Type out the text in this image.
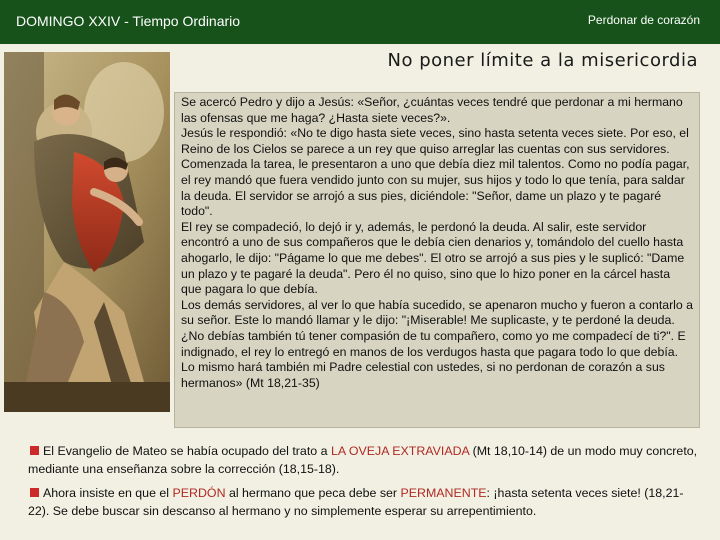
DOMINGO XXIV - Tiempo Ordinario	Perdonar de corazón
No poner límite a la misericordia

Se acercó Pedro y dijo a Jesús: «Señor, ¿cuántas veces tendré que perdonar a mi hermano las ofensas que me haga? ¿Hasta siete veces?».

Jesús le respondió: «No te digo hasta siete veces, sino hasta setenta veces siete. Por eso, el Reino de los Cielos se parece a un rey que quiso arreglar las cuentas con sus servidores. Comenzada la tarea, le presentaron a uno que debía diez mil talentos. Como no podía pagar, el rey mandó que fuera vendido junto con su mujer, sus hijos y todo lo que tenía, para saldar la deuda. El servidor se arrojó a sus pies, diciéndole: "Señor, dame un plazo y te pagaré todo".

El rey se compadeció, lo dejó ir y, además, le perdonó la deuda. Al salir, este servidor encontró a uno de sus compañeros que le debía cien denarios y, tomándolo del cuello hasta ahogarlo, le dijo: "Págame lo que me debes". El otro se arrojó a sus pies y le suplicó: "Dame un plazo y te pagaré la deuda". Pero él no quiso, sino que lo hizo poner en la cárcel hasta que pagara lo que debía.

Los demás servidores, al ver lo que había sucedido, se apenaron mucho y fueron a contarlo a su señor. Este lo mandó llamar y le dijo: "¡Miserable! Me suplicaste, y te perdoné la deuda. ¿No debías también tú tener compasión de tu compañero, como yo me compadecí de ti?". E indignado, el rey lo entregó en manos de los verdugos hasta que pagara todo lo que debía.

Lo mismo hará también mi Padre celestial con ustedes, si no perdonan de corazón a sus hermanos» (Mt 18,21-35)

El Evangelio de Mateo se había ocupado del trato a LA OVEJA EXTRAVIADA (Mt 18,10-14) de un modo muy concreto, mediante una enseñanza sobre la corrección (18,15-18).
Ahora insiste en que el PERDÓN al hermano que peca debe ser PERMANENTE: ¡hasta setenta veces siete! (18,21-22). Se debe buscar sin descanso al hermano y no simplemente esperar su arrepentimiento.
